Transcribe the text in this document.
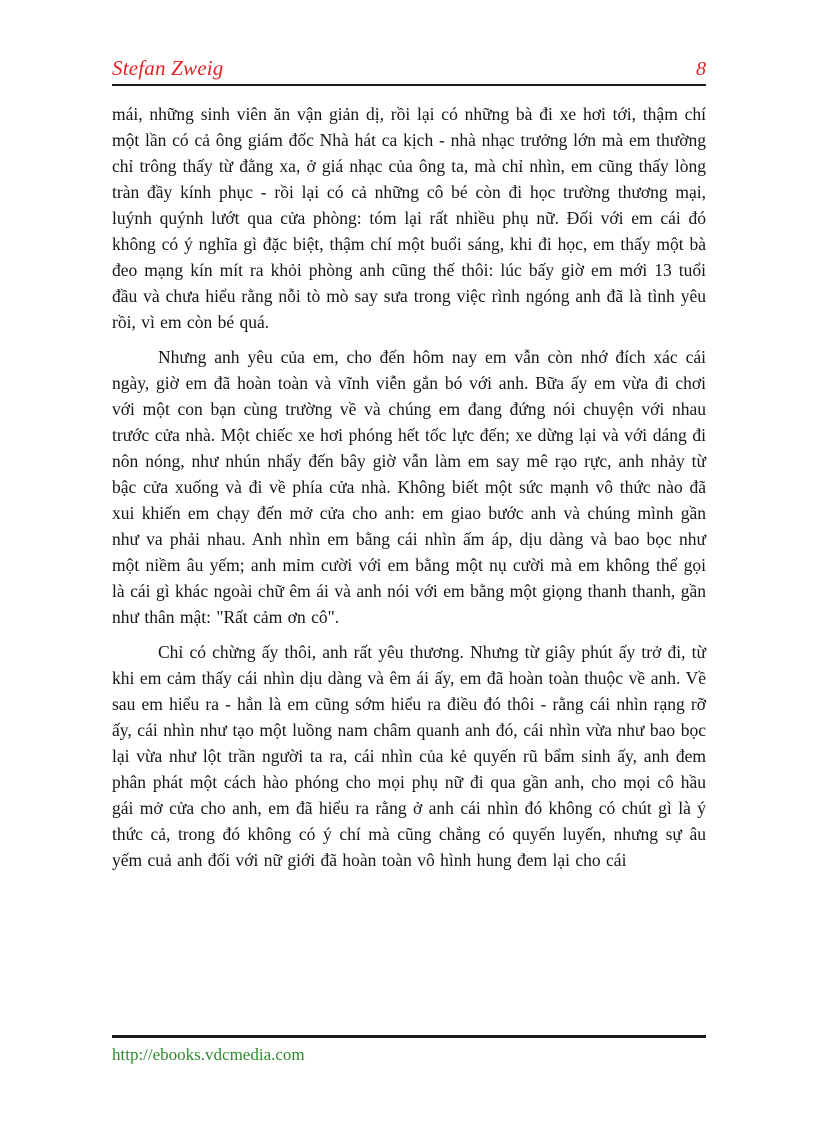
Stefan Zweig	8

mái, những sinh viên ăn vận giản dị, rồi lại có những bà đi xe hơi tới, thậm chí một lần có cả ông giám đốc Nhà hát ca kịch - nhà nhạc trưởng lớn mà em thường chỉ trông thấy từ đằng xa, ở giá nhạc của ông ta, mà chỉ nhìn, em cũng thấy lòng tràn đầy kính phục - rồi lại có cả những cô bé còn đi học trường thương mại, luýnh quýnh lướt qua cửa phòng: tóm lại rất nhiều phụ nữ. Đối với em cái đó không có ý nghĩa gì đặc biệt, thậm chí một buổi sáng, khi đi học, em thấy một bà đeo mạng kín mít ra khỏi phòng anh cũng thế thôi: lúc bấy giờ em mới 13 tuổi đầu và chưa hiểu rằng nỗi tò mò say sưa trong việc rình ngóng anh đã là tình yêu rồi, vì em còn bé quá.

Nhưng anh yêu của em, cho đến hôm nay em vẫn còn nhớ đích xác cái ngày, giờ em đã hoàn toàn và vĩnh viễn gắn bó với anh. Bữa ấy em vừa đi chơi với một con bạn cùng trường về và chúng em đang đứng nói chuyện với nhau trước cửa nhà. Một chiếc xe hơi phóng hết tốc lực đến; xe dừng lại và với dáng đi nôn nóng, như nhún nhẩy đến bây giờ vẫn làm em say mê rạo rực, anh nhảy từ bậc cửa xuống và đi về phía cửa nhà. Không biết một sức mạnh vô thức nào đã xui khiến em chạy đến mở cửa cho anh: em giao bước anh và chúng mình gần như va phải nhau. Anh nhìn em bằng cái nhìn ấm áp, dịu dàng và bao bọc như một niềm âu yếm; anh mỉm cười với em bằng một nụ cười mà em không thể gọi là cái gì khác ngoài chữ êm ái và anh nói với em bằng một giọng thanh thanh, gần như thân mật: "Rất cảm ơn cô".

Chỉ có chừng ấy thôi, anh rất yêu thương. Nhưng từ giây phút ấy trở đi, từ khi em cảm thấy cái nhìn dịu dàng và êm ái ấy, em đã hoàn toàn thuộc về anh. Về sau em hiểu ra - hẳn là em cũng sớm hiểu ra điều đó thôi - rằng cái nhìn rạng rỡ ấy, cái nhìn như tạo một luồng nam châm quanh anh đó, cái nhìn vừa như bao bọc lại vừa như lột trần người ta ra, cái nhìn của kẻ quyến rũ bẩm sinh ấy, anh đem phân phát một cách hào phóng cho mọi phụ nữ đi qua gần anh, cho mọi cô hầu gái mở cửa cho anh, em đã hiểu ra rằng ở anh cái nhìn đó không có chút gì là ý thức cả, trong đó không có ý chí mà cũng chẳng có quyến luyến, nhưng sự âu yếm cuả anh đối với nữ giới đã hoàn toàn vô hình hung đem lại cho cái

http://ebooks.vdcmedia.com
